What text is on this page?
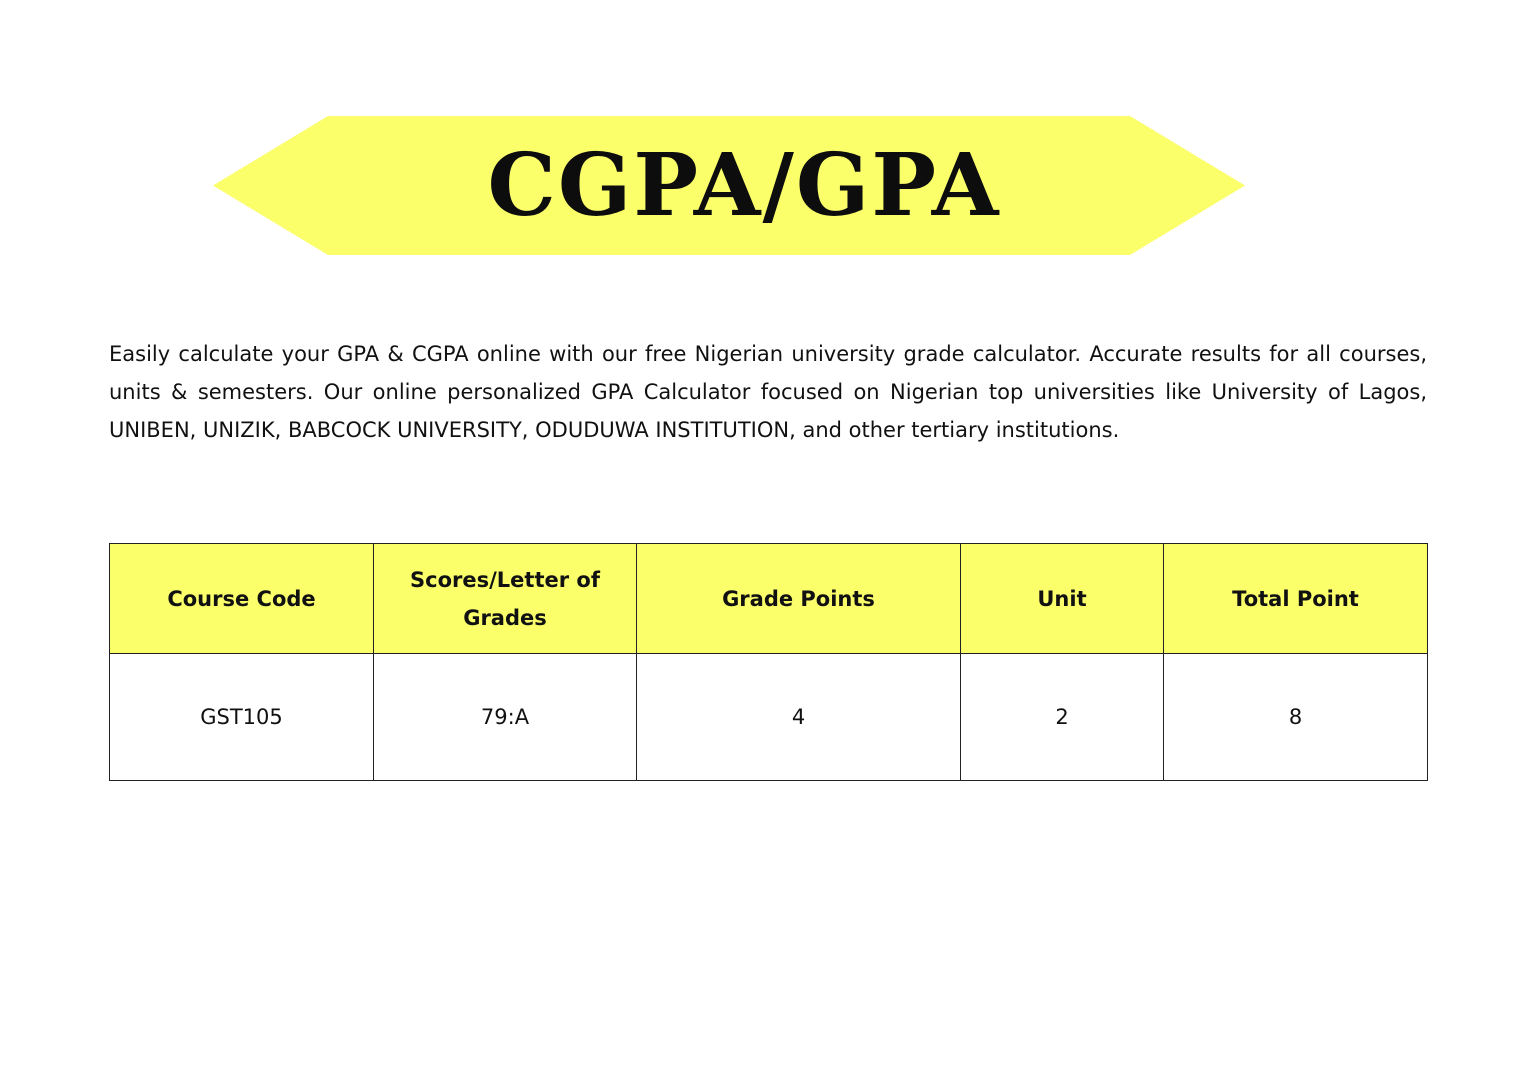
CGPA/GPA

Easily calculate your GPA & CGPA online with our free Nigerian university grade calculator. Accurate results for all courses, units & semesters. Our online personalized GPA Calculator focused on Nigerian top universities like University of Lagos, UNIBEN, UNIZIK, BABCOCK UNIVERSITY, ODUDUWA INSTITUTION, and other tertiary institutions.

Course Code	Scores/Letter of Grades	Grade Points	Unit	Total Point
GST105	79:A	4	2	8
